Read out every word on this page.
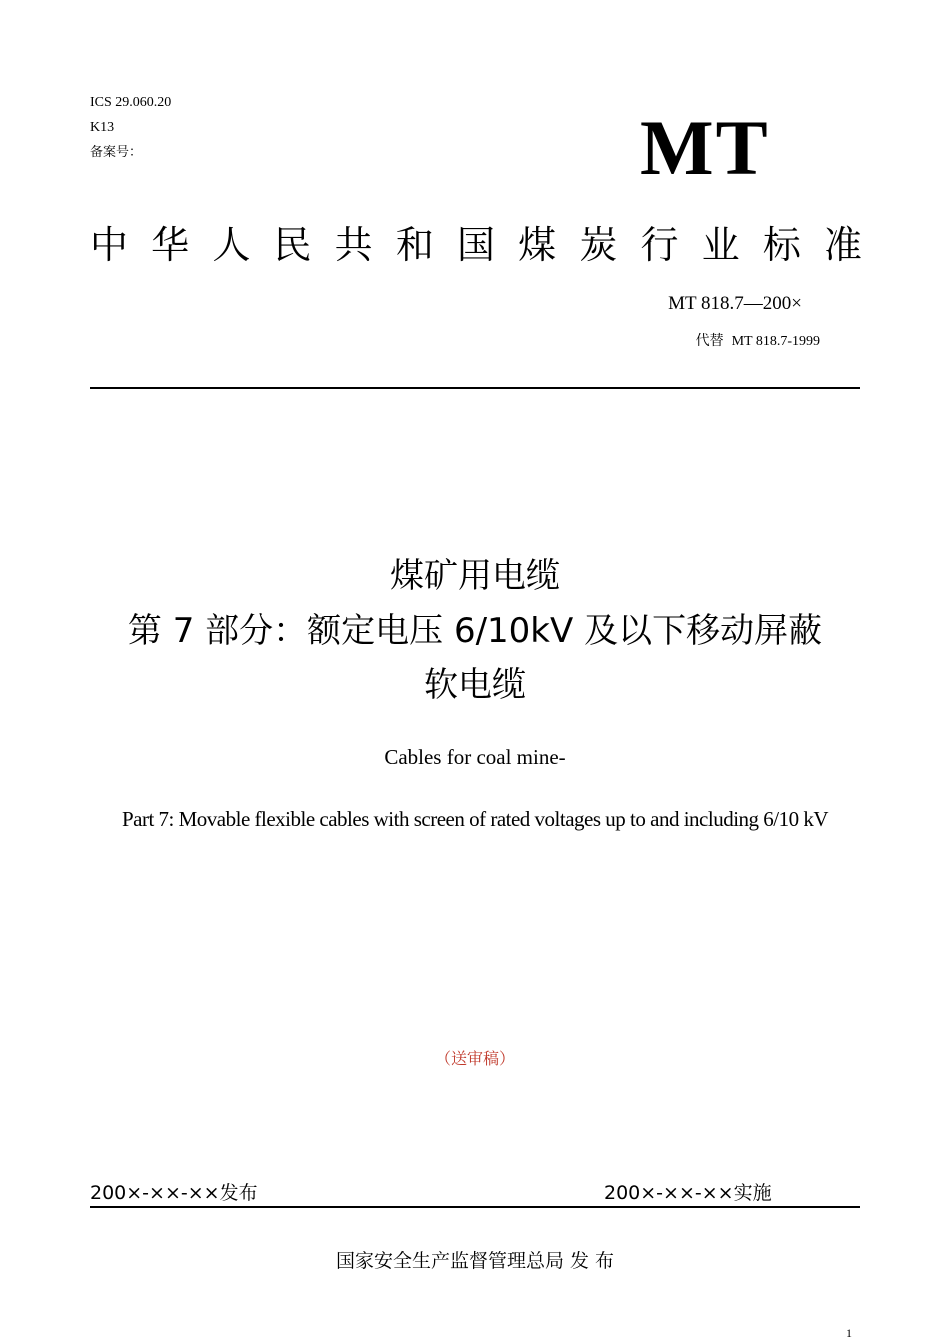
ICS 29.060.20
K13
备案号：	MT
中华人民共和国煤炭行业标准
MT 818.7—200×
代替 MT 818.7-1999
煤矿用电缆
第 7 部分：额定电压 6/10kV 及以下移动屏蔽
软电缆
Cables for coal mine-
Part 7: Movable flexible cables with screen of rated voltages up to and including 6/10 kV
（送审稿）
200×-××-××发布	200×-××-××实施
国家安全生产监督管理总局 发 布
1
